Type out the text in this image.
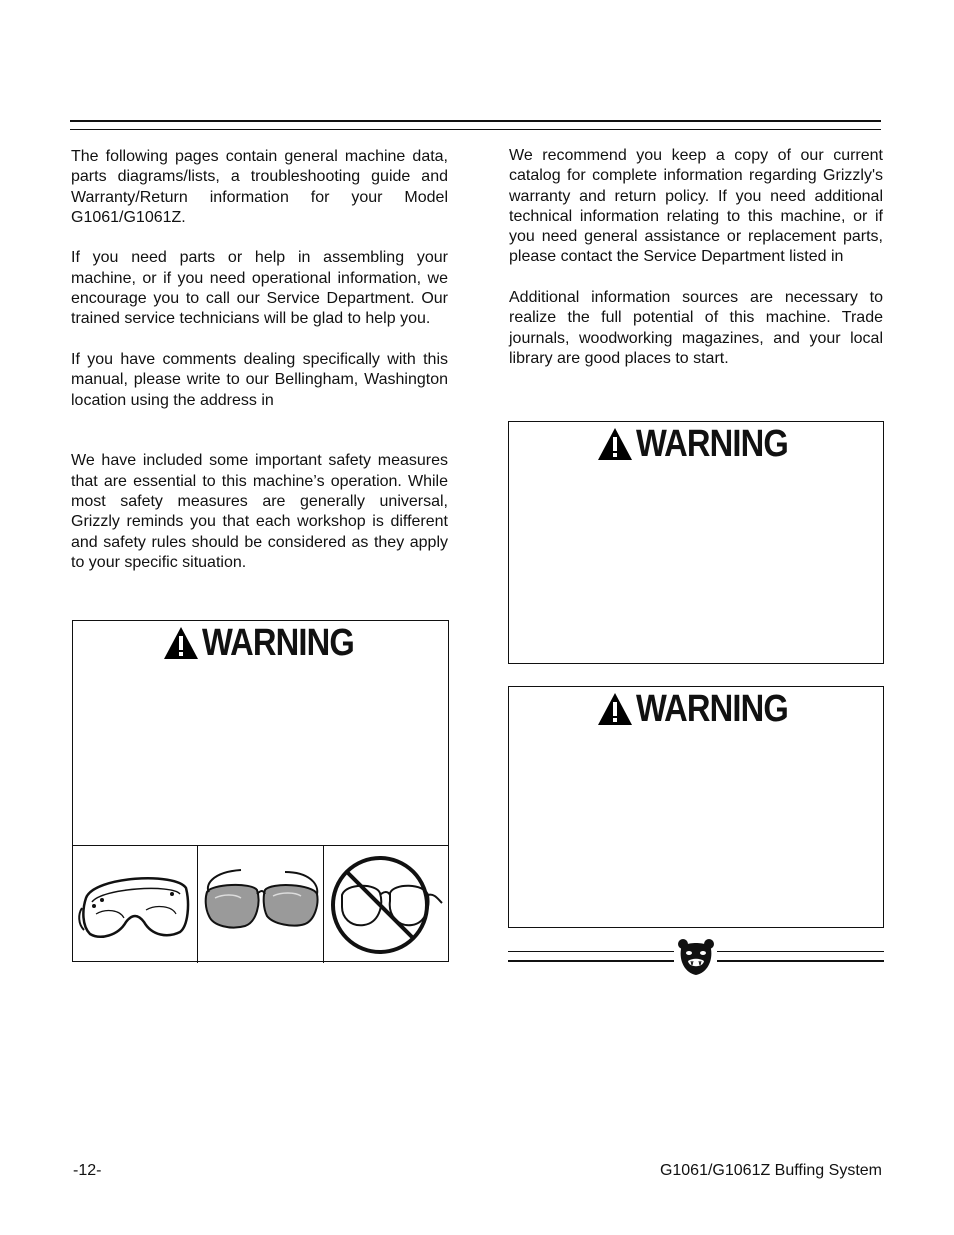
The following pages contain general machine data, parts diagrams/lists, a troubleshooting guide and Warranty/Return information for your Model G1061/G1061Z.

If you need parts or help in assembling your machine, or if you need operational information, we encourage you to call our Service Department. Our trained service technicians will be glad to help you.

If you have comments dealing specifically with this manual, please write to our Bellingham, Washington location using the address in

We have included some important safety measures that are essential to this machine’s operation. While most safety measures are generally universal, Grizzly reminds you that each workshop is different and safety rules should be considered as they apply to your specific situation.

We recommend you keep a copy of our current catalog for complete information regarding Grizzly's warranty and return policy. If you need additional technical information relating to this machine, or if you need general assistance or replacement parts, please contact the Service Department listed in

Additional information sources are necessary to realize the full potential of this machine. Trade journals, woodworking magazines, and your local library are good places to start.

WARNING
WARNING
WARNING
-12-	G1061/G1061Z Buffing System
